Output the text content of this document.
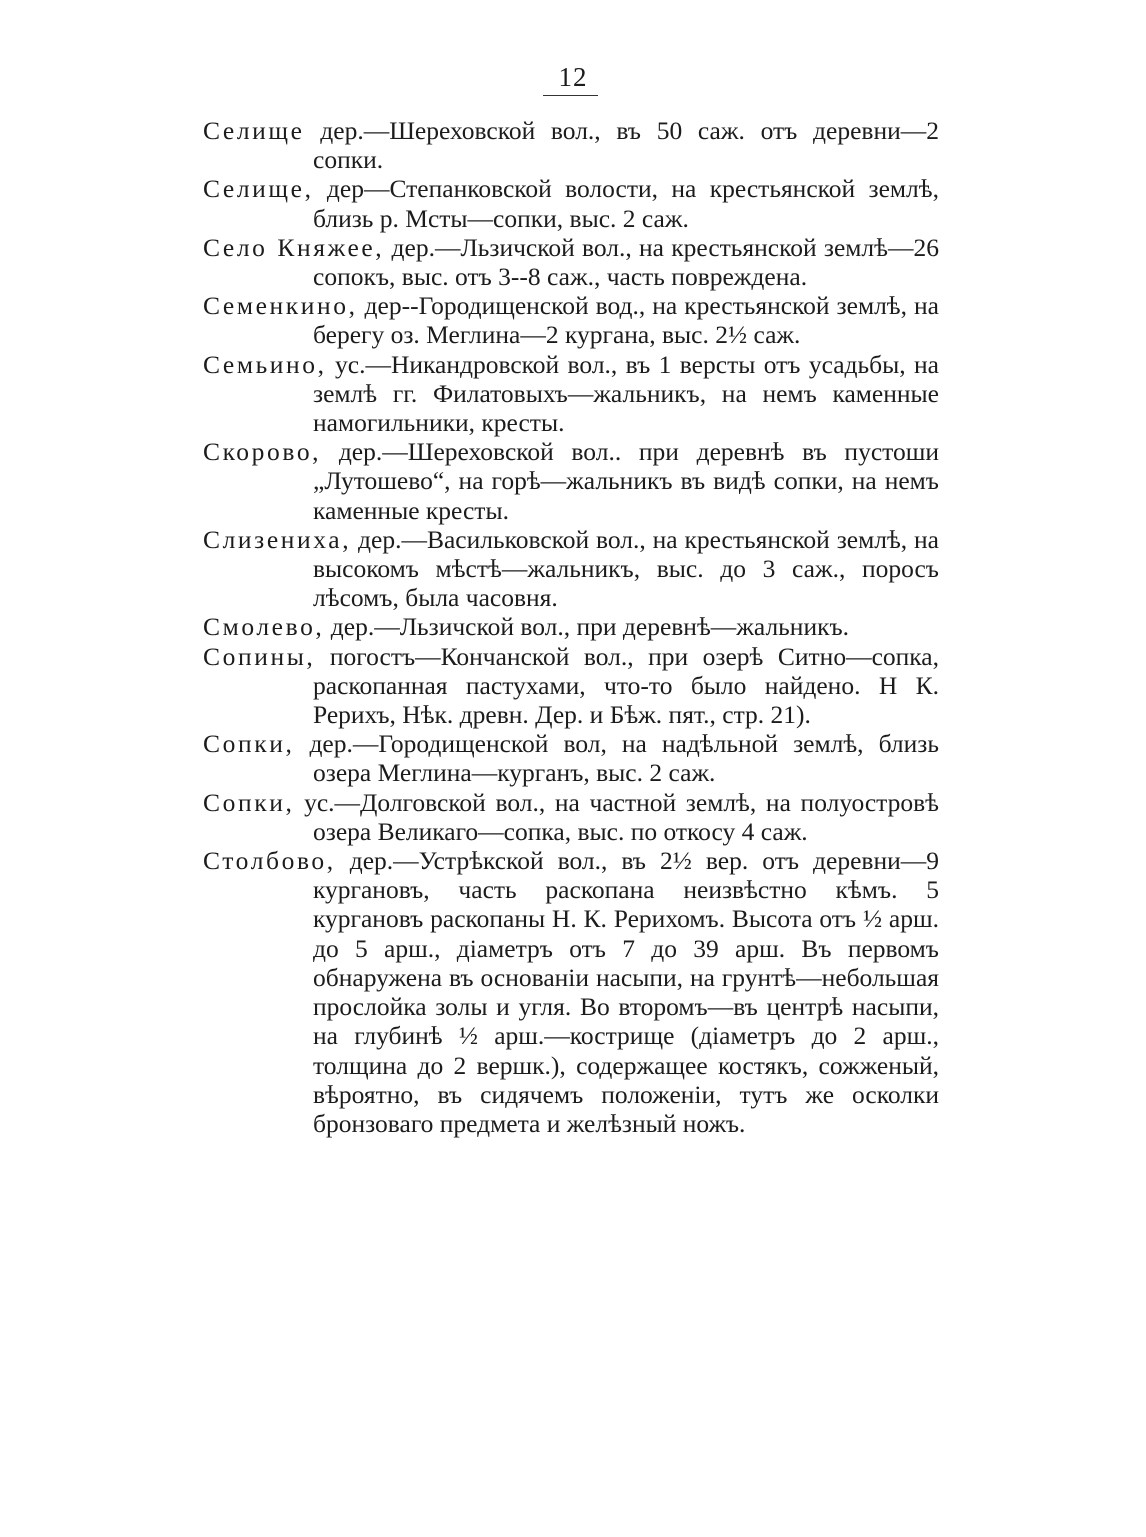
12
Селище дер.—Шереховской вол., въ 50 саж. отъ деревни—2 сопки.
Селище, дер—Степанковской волости, на крестьянской землѣ, близь р. Мсты—сопки, выс. 2 саж.
Село Княжее, дер.—Льзичской вол., на крестьянской землѣ—26 сопокъ, выс. отъ 3--8 саж., часть повреждена.
Семенкино, дер--Городищенской вод., на крестьянской землѣ, на берегу оз. Меглина—2 кургана, выс. 2½ саж.
Семьино, ус.—Никандровской вол., въ 1 версты отъ усадьбы, на землѣ гг. Филатовыхъ—жальникъ, на немъ каменные намогильники, кресты.
Скорово, дер.—Шереховской вол.. при деревнѣ въ пустоши „Лутошево“, на горѣ—жальникъ въ видѣ сопки, на немъ каменные кресты.
Слизениха, дер.—Васильковской вол., на крестьянской землѣ, на высокомъ мѣстѣ—жальникъ, выс. до 3 саж., поросъ лѣсомъ, была часовня.
Смолево, дер.—Льзичской вол., при деревнѣ—жальникъ.
Сопины, погостъ—Кончанской вол., при озерѣ Ситно—сопка, раскопанная пастухами, что-то было найдено. Н К. Рерихъ, Нѣк. древн. Дер. и Бѣж. пят., стр. 21).
Сопки, дер.—Городищенской вол, на надѣльной землѣ, близь озера Меглина—курганъ, выс. 2 саж.
Сопки, ус.—Долговской вол., на частной землѣ, на полуостровѣ озера Великаго—сопка, выс. по откосу 4 саж.
Столбово, дер.—Устрѣкской вол., въ 2½ вер. отъ деревни—9 кургановъ, часть раскопана неизвѣстно кѣмъ. 5 кургановъ раскопаны Н. К. Рерихомъ. Высота отъ ½ арш. до 5 арш., діаметръ отъ 7 до 39 арш. Въ первомъ обнаружена въ основаніи насыпи, на грунтѣ—небольшая прослойка золы и угля. Во второмъ—въ центрѣ насыпи, на глубинѣ ½ арш.—кострище (діаметръ до 2 арш., толщина до 2 вершк.), содержащее костякъ, сожженый, вѣроятно, въ сидячемъ положеніи, тутъ же осколки бронзоваго предмета и желѣзный ножъ.
